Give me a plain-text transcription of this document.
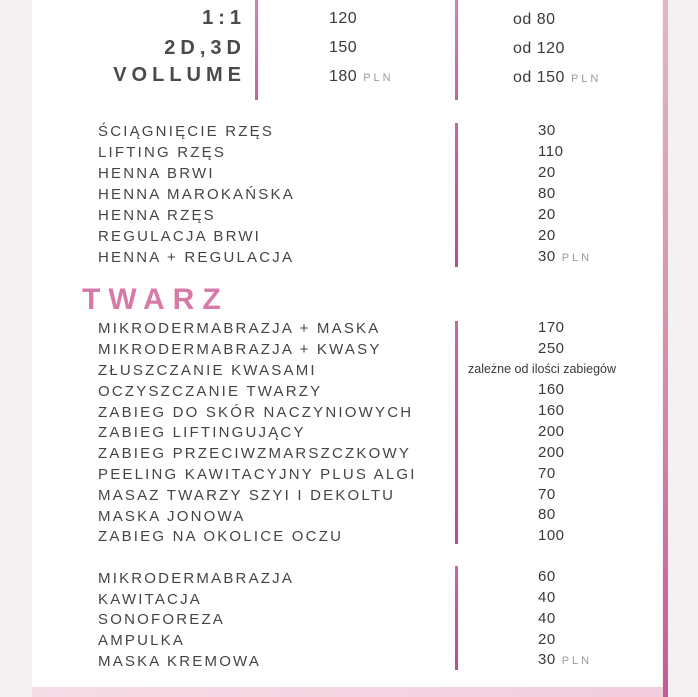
1:1	120	od 80
2D,3D	150	od 120
VOLLUME	180 PLN	od 150 PLN
ŚCIĄGNIĘCIE RZĘS	30
LIFTING RZĘS	110
HENNA BRWI	20
HENNA MAROKAŃSKA	80
HENNA RZĘS	20
REGULACJA BRWI	20
HENNA + REGULACJA	30 PLN
TWARZ
MIKRODERMABRAZJA + MASKA	170
MIKRODERMABRAZJA + KWASY	250
ZŁUSZCZANIE KWASAMI	zależne od ilości zabiegów
OCZYSZCZANIE TWARZY	160
ZABIEG DO SKÓR NACZYNIOWYCH	160
ZABIEG LIFTINGUJĄCY	200
ZABIEG PRZECIWZMARSZCZKOWY	200
PEELING KAWITACYJNY PLUS ALGI	70
MASAZ TWARZY SZYI I DEKOLTU	70
MASKA JONOWA	80
ZABIEG NA OKOLICE OCZU	100
MIKRODERMABRAZJA	60
KAWITACJA	40
SONOFOREZA	40
AMPULKA	20
MASKA KREMOWA	30 PLN
